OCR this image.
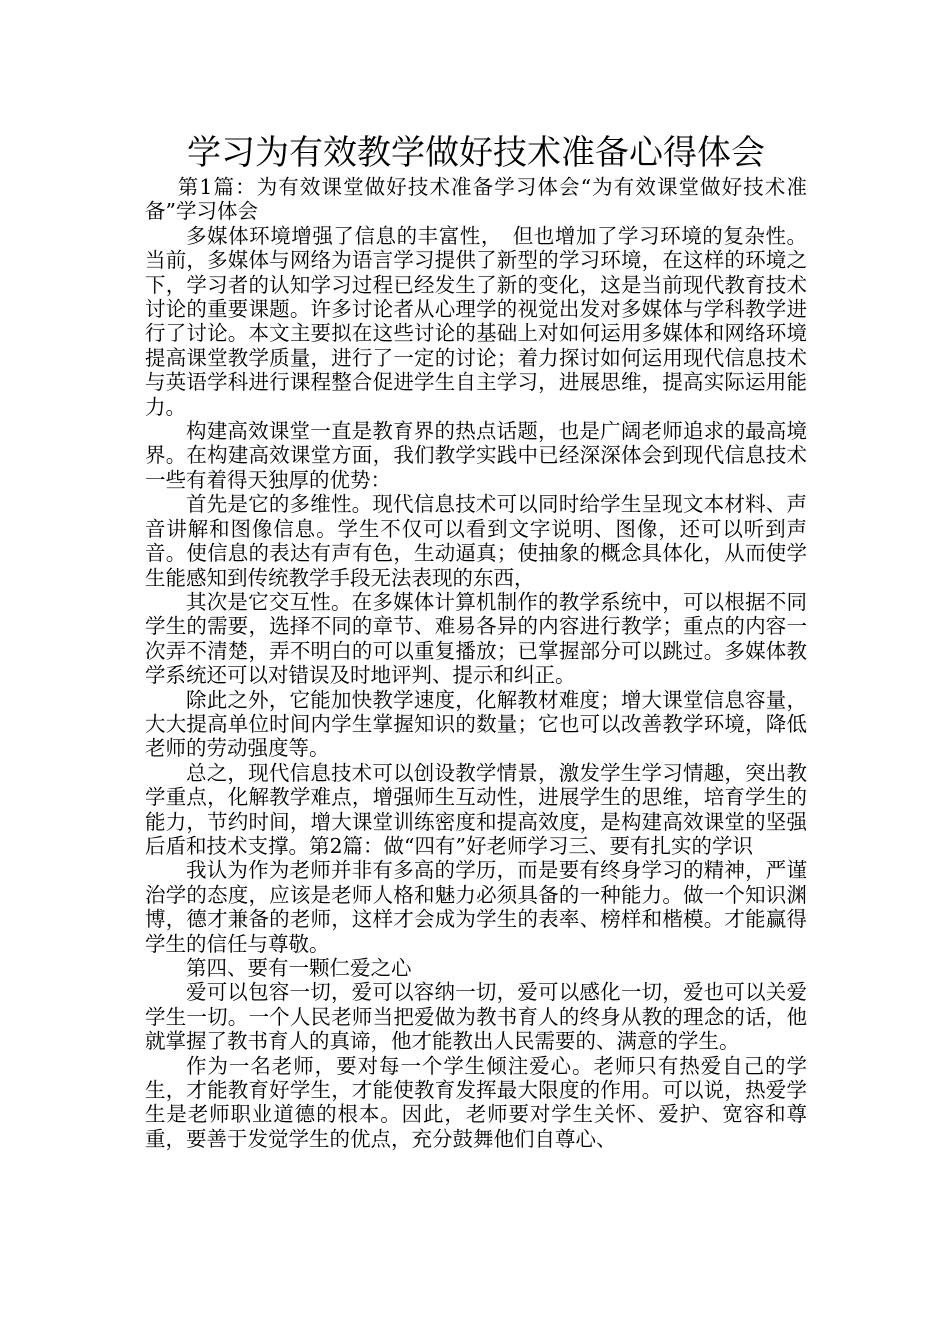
学习为有效教学做好技术准备心得体会

第1篇：为有效课堂做好技术准备学习体会“为有效课堂做好技术准备”学习体会

多媒体环境增强了信息的丰富性，　但也增加了学习环境的复杂性。当前，多媒体与网络为语言学习提供了新型的学习环境，在这样的环境之下，学习者的认知学习过程已经发生了新的变化，这是当前现代教育技术讨论的重要课题。许多讨论者从心理学的视觉出发对多媒体与学科教学进行了讨论。本文主要拟在这些讨论的基础上对如何运用多媒体和网络环境提高课堂教学质量，进行了一定的讨论；着力探讨如何运用现代信息技术与英语学科进行课程整合促进学生自主学习，进展思维，提高实际运用能力。

构建高效课堂一直是教育界的热点话题，也是广阔老师追求的最高境界。在构建高效课堂方面，我们教学实践中已经深深体会到现代信息技术一些有着得天独厚的优势：

首先是它的多维性。现代信息技术可以同时给学生呈现文本材料、声音讲解和图像信息。学生不仅可以看到文字说明、图像，还可以听到声音。使信息的表达有声有色，生动逼真；使抽象的概念具体化，从而使学生能感知到传统教学手段无法表现的东西，

其次是它交互性。在多媒体计算机制作的教学系统中，可以根据不同学生的需要，选择不同的章节、难易各异的内容进行教学；重点的内容一次弄不清楚，弄不明白的可以重复播放；已掌握部分可以跳过。多媒体教学系统还可以对错误及时地评判、提示和纠正。

除此之外，它能加快教学速度，化解教材难度；增大课堂信息容量，大大提高单位时间内学生掌握知识的数量；它也可以改善教学环境，降低老师的劳动强度等。

总之，现代信息技术可以创设教学情景，激发学生学习情趣，突出教学重点，化解教学难点，增强师生互动性，进展学生的思维，培育学生的能力，节约时间，增大课堂训练密度和提高效度，是构建高效课堂的坚强后盾和技术支撑。第2篇：做“四有”好老师学习三、要有扎实的学识

我认为作为老师并非有多高的学历，而是要有终身学习的精神，严谨治学的态度，应该是老师人格和魅力必须具备的一种能力。做一个知识渊博，德才兼备的老师，这样才会成为学生的表率、榜样和楷模。才能赢得学生的信任与尊敬。

第四、要有一颗仁爱之心

爱可以包容一切，爱可以容纳一切，爱可以感化一切，爱也可以关爱学生一切。一个人民老师当把爱做为教书育人的终身从教的理念的话，他就掌握了教书育人的真谛，他才能教出人民需要的、满意的学生。

作为一名老师，要对每一个学生倾注爱心。老师只有热爱自己的学生，才能教育好学生，才能使教育发挥最大限度的作用。可以说，热爱学生是老师职业道德的根本。因此，老师要对学生关怀、爱护、宽容和尊重，要善于发觉学生的优点，充分鼓舞他们自尊心、
